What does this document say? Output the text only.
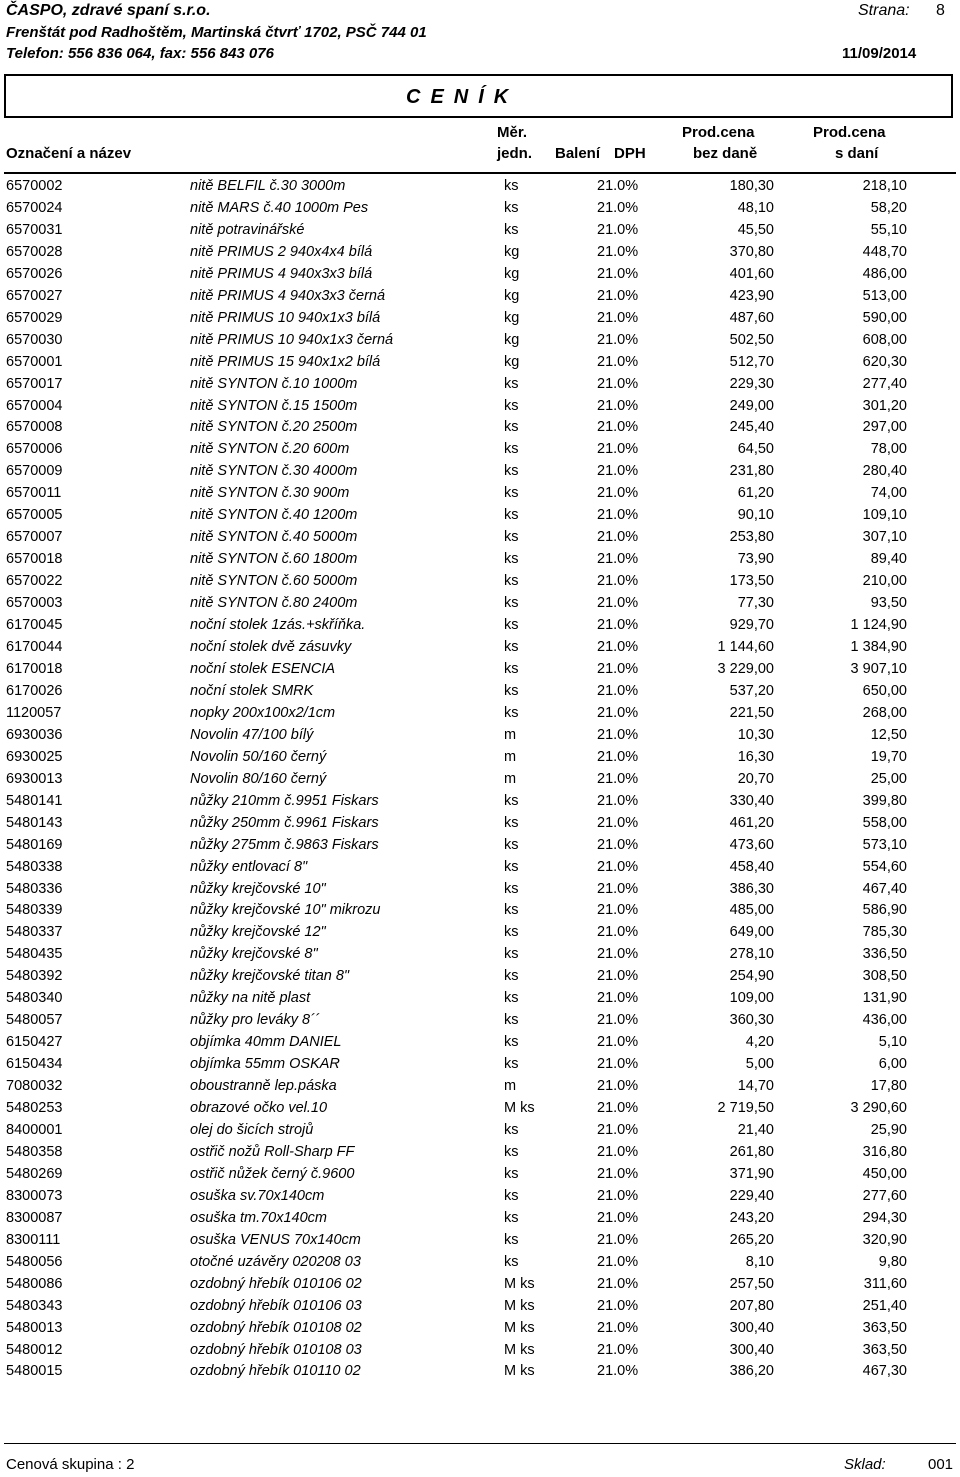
ČASPO, zdravé spaní s.r.o.
Frenštát pod Radhoštěm, Martinská čtvrť 1702, PSČ 744 01
Telefon: 556 836 064, fax: 556 843 076
Strana: 8
11/09/2014
CENÍK
Označení a název
Měr.
jedn. Balení DPH
Prod.cena
bez daně
Prod.cena
s daní
6570002	nitě BELFIL č.30 3000m	ks	21.0%	180,30	218,10
6570024	nitě MARS č.40 1000m Pes	ks	21.0%	48,10	58,20
6570031	nitě potravinářské	ks	21.0%	45,50	55,10
6570028	nitě PRIMUS 2 940x4x4 bílá	kg	21.0%	370,80	448,70
6570026	nitě PRIMUS 4 940x3x3 bílá	kg	21.0%	401,60	486,00
6570027	nitě PRIMUS 4 940x3x3 černá	kg	21.0%	423,90	513,00
6570029	nitě PRIMUS 10 940x1x3 bílá	kg	21.0%	487,60	590,00
6570030	nitě PRIMUS 10 940x1x3 černá	kg	21.0%	502,50	608,00
6570001	nitě PRIMUS 15 940x1x2 bílá	kg	21.0%	512,70	620,30
6570017	nitě SYNTON č.10 1000m	ks	21.0%	229,30	277,40
6570004	nitě SYNTON č.15 1500m	ks	21.0%	249,00	301,20
6570008	nitě SYNTON č.20 2500m	ks	21.0%	245,40	297,00
6570006	nitě SYNTON č.20 600m	ks	21.0%	64,50	78,00
6570009	nitě SYNTON č.30 4000m	ks	21.0%	231,80	280,40
6570011	nitě SYNTON č.30 900m	ks	21.0%	61,20	74,00
6570005	nitě SYNTON č.40 1200m	ks	21.0%	90,10	109,10
6570007	nitě SYNTON č.40 5000m	ks	21.0%	253,80	307,10
6570018	nitě SYNTON č.60 1800m	ks	21.0%	73,90	89,40
6570022	nitě SYNTON č.60 5000m	ks	21.0%	173,50	210,00
6570003	nitě SYNTON č.80 2400m	ks	21.0%	77,30	93,50
6170045	noční stolek 1zás.+skříňka.	ks	21.0%	929,70	1 124,90
6170044	noční stolek dvě zásuvky	ks	21.0%	1 144,60	1 384,90
6170018	noční stolek ESENCIA	ks	21.0%	3 229,00	3 907,10
6170026	noční stolek SMRK	ks	21.0%	537,20	650,00
1120057	nopky 200x100x2/1cm	ks	21.0%	221,50	268,00
6930036	Novolin 47/100 bílý	m	21.0%	10,30	12,50
6930025	Novolin 50/160 černý	m	21.0%	16,30	19,70
6930013	Novolin 80/160 černý	m	21.0%	20,70	25,00
5480141	nůžky 210mm č.9951 Fiskars	ks	21.0%	330,40	399,80
5480143	nůžky 250mm č.9961 Fiskars	ks	21.0%	461,20	558,00
5480169	nůžky 275mm č.9863 Fiskars	ks	21.0%	473,60	573,10
5480338	nůžky entlovací 8"	ks	21.0%	458,40	554,60
5480336	nůžky krejčovské 10"	ks	21.0%	386,30	467,40
5480339	nůžky krejčovské 10" mikrozu	ks	21.0%	485,00	586,90
5480337	nůžky krejčovské 12"	ks	21.0%	649,00	785,30
5480435	nůžky krejčovské 8"	ks	21.0%	278,10	336,50
5480392	nůžky krejčovské titan 8"	ks	21.0%	254,90	308,50
5480340	nůžky na nitě plast	ks	21.0%	109,00	131,90
5480057	nůžky pro leváky 8´´	ks	21.0%	360,30	436,00
6150427	objímka 40mm DANIEL	ks	21.0%	4,20	5,10
6150434	objímka 55mm OSKAR	ks	21.0%	5,00	6,00
7080032	oboustranně lep.páska	m	21.0%	14,70	17,80
5480253	obrazové očko vel.10	M ks	21.0%	2 719,50	3 290,60
8400001	olej do šicích strojů	ks	21.0%	21,40	25,90
5480358	ostřič nožů Roll-Sharp FF	ks	21.0%	261,80	316,80
5480269	ostřič nůžek černý č.9600	ks	21.0%	371,90	450,00
8300073	osuška sv.70x140cm	ks	21.0%	229,40	277,60
8300087	osuška tm.70x140cm	ks	21.0%	243,20	294,30
8300111	osuška VENUS 70x140cm	ks	21.0%	265,20	320,90
5480056	otočné uzávěry 020208 03	ks	21.0%	8,10	9,80
5480086	ozdobný hřebík 010106 02	M ks	21.0%	257,50	311,60
5480343	ozdobný hřebík 010106 03	M ks	21.0%	207,80	251,40
5480013	ozdobný hřebík 010108 02	M ks	21.0%	300,40	363,50
5480012	ozdobný hřebík 010108 03	M ks	21.0%	300,40	363,50
5480015	ozdobný hřebík 010110 02	M ks	21.0%	386,20	467,30
Cenová skupina : 2	Sklad:	001
